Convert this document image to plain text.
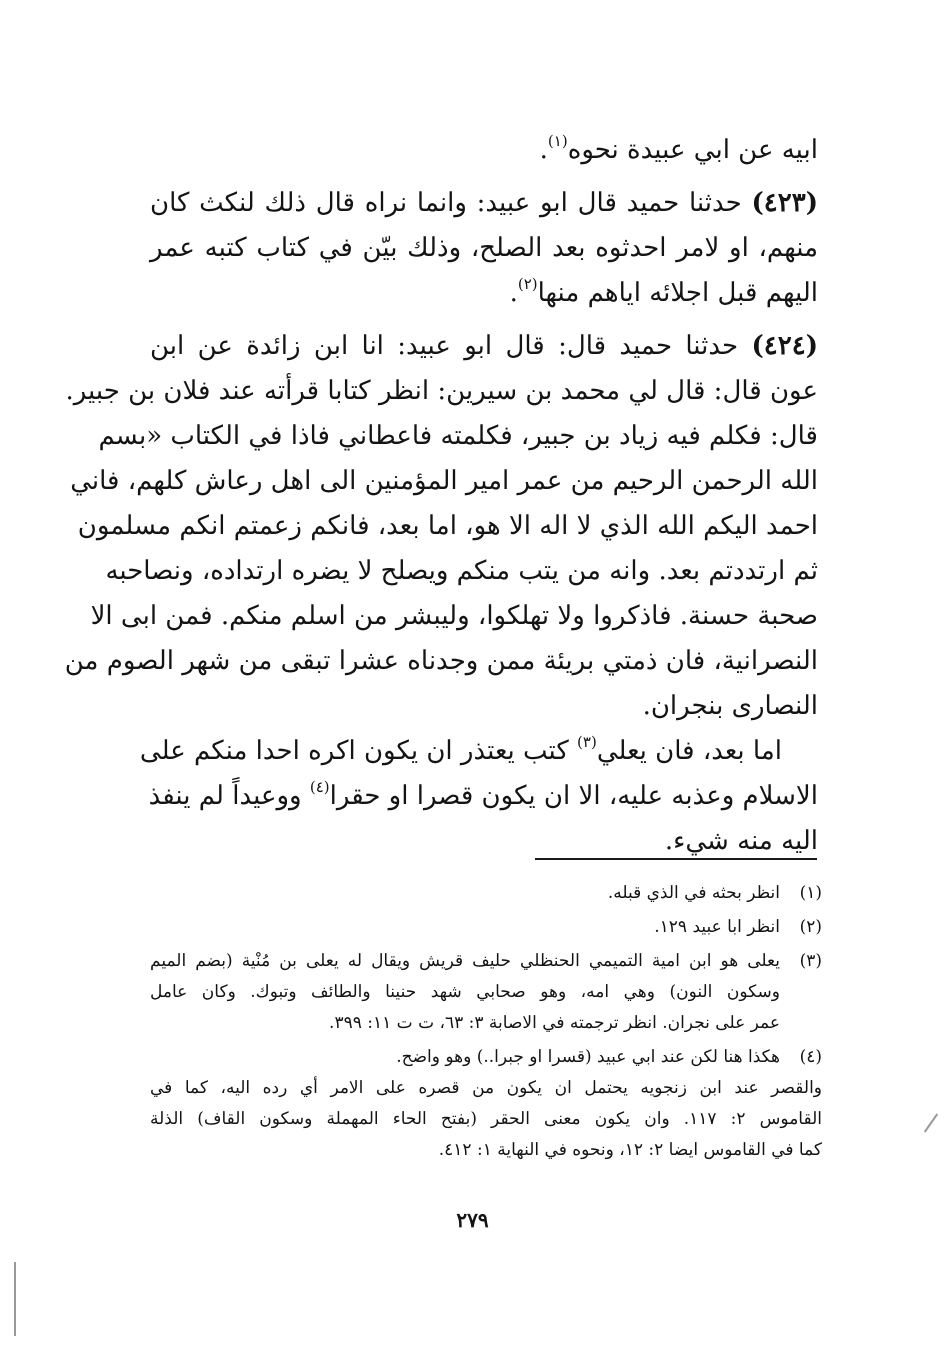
ابيه عن ابي عبيدة نحوه$^{(١)}$.

(٤٢٣) حدثنا حميد قال ابو عبيد: وانما نراه قال ذلك لنكث كان
منهم، او لامر احدثوه بعد الصلح، وذلك بيّن في كتاب كتبه عمر
اليهم قبل اجلائه اياهم منها$^{(٢)}$.

(٤٢٤) حدثنا حميد قال: قال ابو عبيد: انا ابن زائدة عن ابن
عون قال: قال لي محمد بن سيرين: انظر كتابا قرأته عند فلان بن جبير.
قال: فكلم فيه زياد بن جبير، فكلمته فاعطاني فاذا في الكتاب «بسم
الله الرحمن الرحيم من عمر امير المؤمنين الى اهل رعاش كلهم، فاني
احمد اليكم الله الذي لا اله الا هو، اما بعد، فانكم زعمتم انكم مسلمون
ثم ارتددتم بعد. وانه من يتب منكم ويصلح لا يضره ارتداده، ونصاحبه
صحبة حسنة. فاذكروا ولا تهلكوا، وليبشر من اسلم منكم. فمن ابى الا
النصرانية، فان ذمتي بريئة ممن وجدناه عشرا تبقى من شهر الصوم من
النصارى بنجران.

اما بعد، فان يعلي$^{(٣)}$ كتب يعتذر ان يكون اكره احدا منكم على
الاسلام وعذبه عليه، الا ان يكون قصرا او حقرا$^{(٤)}$ ووعيداً لم ينفذ
اليه منه شيء.

(١)
انظر بحثه في الذي قبله.
(٢)
انظر ابا عبيد ١٢٩.
(٣)
يعلى هو ابن امية التميمي الحنظلي حليف قريش ويقال له يعلى بن مُنْية (بضم الميم
وسكون النون) وهي امه، وهو صحابي شهد حنينا والطائف وتبوك. وكان عامل
عمر على نجران. انظر ترجمته في الاصابة ٣: ٦٣، ت ت ١١: ٣٩٩.
(٤)
هكذا هنا لكن عند ابي عبيد (قسرا او جبرا..) وهو واضح.
والقصر عند ابن زنجويه يحتمل ان يكون من قصره على الامر أي رده اليه، كما في
القاموس ٢: ١١٧. وان يكون معنى الحقر (بفتح الحاء المهملة وسكون القاف) الذلة
كما في القاموس ايضا ٢: ١٢، ونحوه في النهاية ١: ٤١٢.
٢٧٩
